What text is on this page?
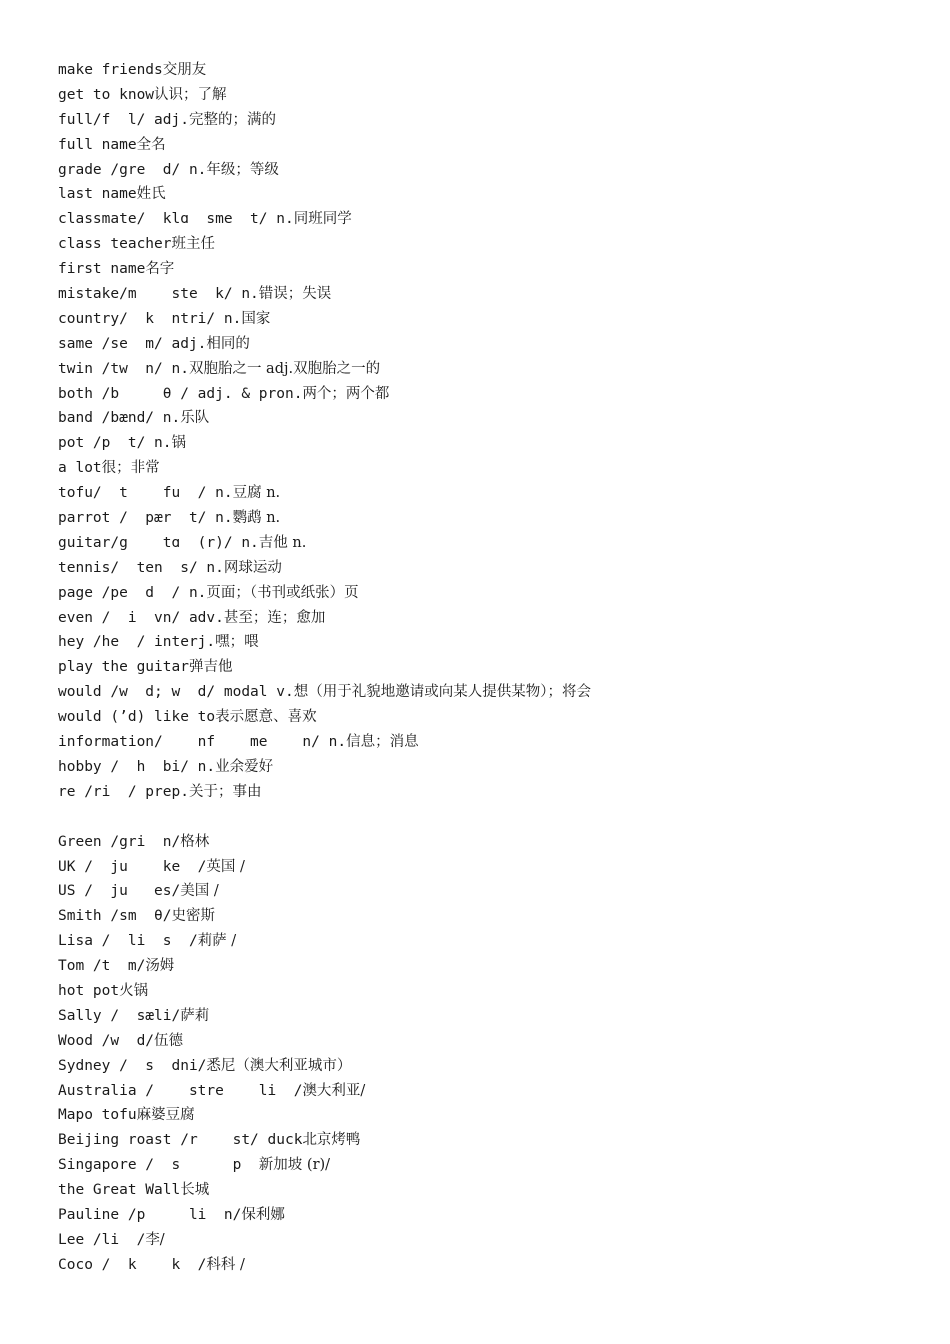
make friends交朋友
get to know认识；了解
full/f  l/ adj.完整的；满的
full name全名
grade /gre  d/ n.年级；等级
last name姓氏
classmate/  klɑ  sme  t/ n.同班同学
class teacher班主任
first name名字
mistake/m    ste  k/ n.错误；失误
country/  k  ntri/ n.国家
same /se  m/ adj.相同的
twin /tw  n/ n.双胞胎之一 adj.双胞胎之一的
both /b     θ / adj. & pron.两个；两个都
band /bænd/ n.乐队
pot /p  t/ n.锅
a lot很；非常
tofu/  t    fu  / n.豆腐 n.
parrot /  pær  t/ n.鹦鹉 n.
guitar/g    tɑ  (r)/ n.吉他 n.
tennis/  ten  s/ n.网球运动
page /pe  d  / n.页面；（书刊或纸张）页
even /  i  vn/ adv.甚至；连；愈加
hey /he  / interj.嘿；喂
play the guitar弹吉他
would /w  d; w  d/ modal v.想（用于礼貌地邀请或向某人提供某物）；将会
would (’d) like to表示愿意、喜欢
information/    nf    me    n/ n.信息；消息
hobby /  h  bi/ n.业余爱好
re /ri  / prep.关于；事由
Green /gri  n/格林
UK /  ju    ke  /英国 /
US /  ju   es/美国 /
Smith /sm  θ/史密斯
Lisa /  li  s  /莉萨 /
Tom /t  m/汤姆
hot pot火锅
Sally /  sæli/萨莉
Wood /w  d/伍德
Sydney /  s  dni/悉尼（澳大利亚城市）
Australia /    stre    li  /澳大利亚/
Mapo tofu麻婆豆腐
Beijing roast /r    st/ duck北京烤鸭
Singapore /  s      p  新加坡 (r)/
the Great Wall长城
Pauline /p     li  n/保利娜
Lee /li  /李/
Coco /  k    k  /科科 /
